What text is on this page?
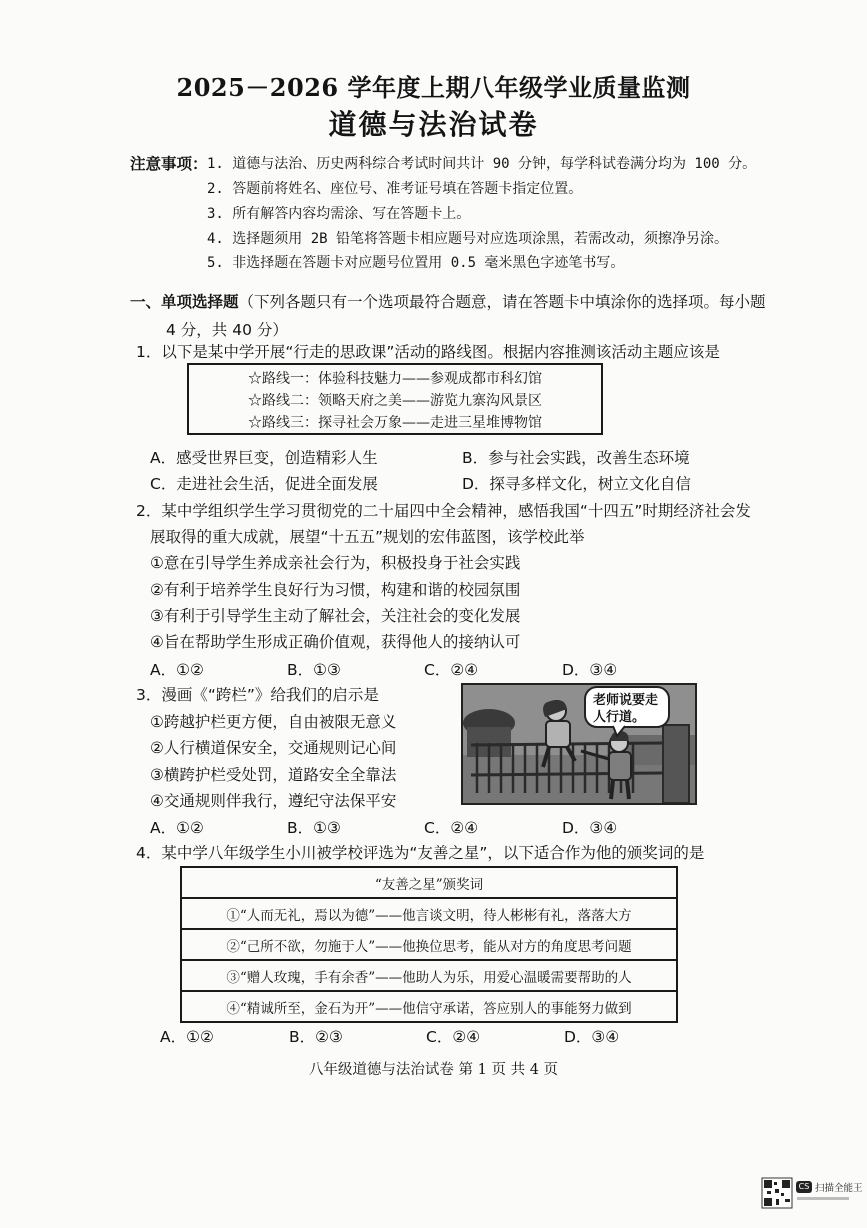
2025－2026 学年度上期八年级学业质量监测
道德与法治试卷
注意事项： 1. 道德与法治、历史两科综合考试时间共计 90 分钟，每学科试卷满分均为 100 分。
2. 答题前将姓名、座位号、准考证号填在答题卡指定位置。
3. 所有解答内容均需涂、写在答题卡上。
4. 选择题须用 2B 铅笔将答题卡相应题号对应选项涂黑，若需改动，须擦净另涂。
5. 非选择题在答题卡对应题号位置用 0.5 毫米黑色字迹笔书写。
一、单项选择题（下列各题只有一个选项最符合题意，请在答题卡中填涂你的选择项。每小题
4 分，共 40 分）
1．以下是某中学开展“行走的思政课”活动的路线图。根据内容推测该活动主题应该是
☆路线一：体验科技魅力——参观成都市科幻馆
☆路线二：领略天府之美——游览九寨沟风景区
☆路线三：探寻社会万象——走进三星堆博物馆
A．感受世界巨变，创造精彩人生	B．参与社会实践，改善生态环境
C．走进社会生活，促进全面发展	D．探寻多样文化，树立文化自信
2．某中学组织学生学习贯彻党的二十届四中全会精神，感悟我国“十四五”时期经济社会发
展取得的重大成就，展望“十五五”规划的宏伟蓝图，该学校此举
①意在引导学生养成亲社会行为，积极投身于社会实践
②有利于培养学生良好行为习惯，构建和谐的校园氛围
③有利于引导学生主动了解社会，关注社会的变化发展
④旨在帮助学生形成正确价值观，获得他人的接纳认可
A．①②	B．①③	C．②④	D．③④
3．漫画《“跨栏”》给我们的启示是
①跨越护栏更方便，自由被限无意义
②人行横道保安全，交通规则记心间
③横跨护栏受处罚，道路安全全靠法
④交通规则伴我行，遵纪守法保平安
老师说要走
人行道。
A．①②	B．①③	C．②④	D．③④
4．某中学八年级学生小川被学校评选为“友善之星”，以下适合作为他的颁奖词的是
“友善之星”颁奖词
①“人而无礼，焉以为德”——他言谈文明，待人彬彬有礼，落落大方
②“己所不欲，勿施于人”——他换位思考，能从对方的角度思考问题
③“赠人玫瑰，手有余香”——他助人为乐，用爱心温暖需要帮助的人
④“精诚所至，金石为开”——他信守承诺，答应别人的事能努力做到
A．①②	B．②③	C．②④	D．③④
八年级道德与法治试卷 第 1 页 共 4 页
CS 扫描全能王
